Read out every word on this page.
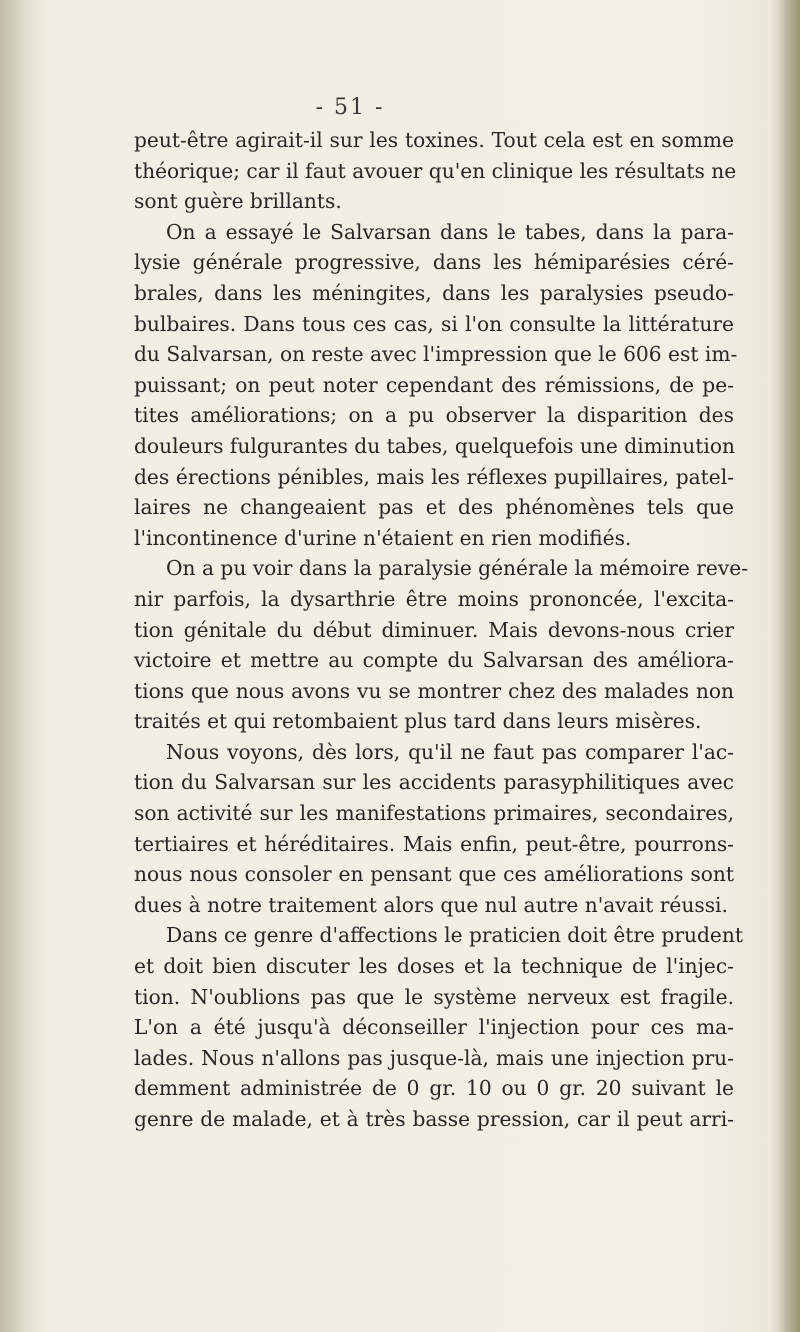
- 51 -
peut-être agirait-il sur les toxines. Tout cela est en somme
théorique; car il faut avouer qu'en clinique les résultats ne
sont guère brillants.
On a essayé le Salvarsan dans le tabes, dans la para-
lysie générale progressive, dans les hémiparésies céré-
brales, dans les méningites, dans les paralysies pseudo-
bulbaires. Dans tous ces cas, si l'on consulte la littérature
du Salvarsan, on reste avec l'impression que le 606 est im-
puissant; on peut noter cependant des rémissions, de pe-
tites améliorations; on a pu observer la disparition des
douleurs fulgurantes du tabes, quelquefois une diminution
des érections pénibles, mais les réflexes pupillaires, patel-
laires ne changeaient pas et des phénomènes tels que
l'incontinence d'urine n'étaient en rien modifiés.
On a pu voir dans la paralysie générale la mémoire reve-
nir parfois, la dysarthrie être moins prononcée, l'excita-
tion génitale du début diminuer. Mais devons-nous crier
victoire et mettre au compte du Salvarsan des améliora-
tions que nous avons vu se montrer chez des malades non
traités et qui retombaient plus tard dans leurs misères.
Nous voyons, dès lors, qu'il ne faut pas comparer l'ac-
tion du Salvarsan sur les accidents parasyphilitiques avec
son activité sur les manifestations primaires, secondaires,
tertiaires et héréditaires. Mais enfin, peut-être, pourrons-
nous nous consoler en pensant que ces améliorations sont
dues à notre traitement alors que nul autre n'avait réussi.
Dans ce genre d'affections le praticien doit être prudent
et doit bien discuter les doses et la technique de l'injec-
tion. N'oublions pas que le système nerveux est fragile.
L'on a été jusqu'à déconseiller l'injection pour ces ma-
lades. Nous n'allons pas jusque-là, mais une injection pru-
demment administrée de 0 gr. 10 ou 0 gr. 20 suivant le
genre de malade, et à très basse pression, car il peut arri-
